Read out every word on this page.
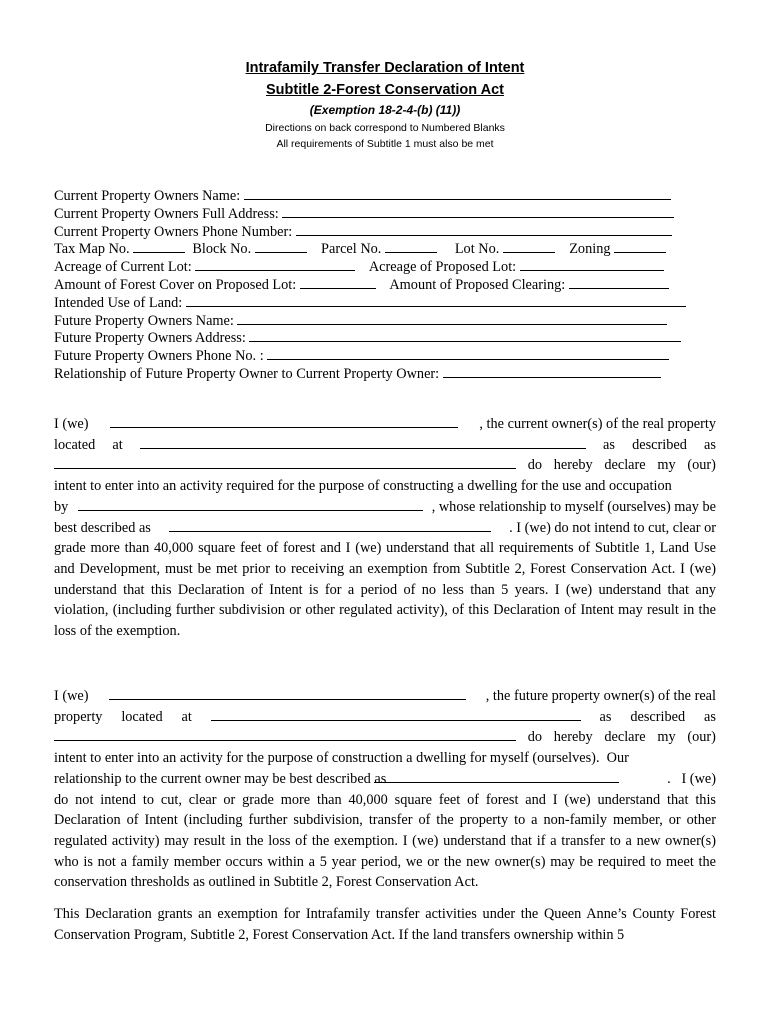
Intrafamily Transfer Declaration of Intent
Subtitle 2-Forest Conservation Act
(Exemption 18-2-4-(b) (11))
Directions on back correspond to Numbered Blanks
All requirements of Subtitle 1 must also be met
Current Property Owners Name:
Current Property Owners Full Address:
Current Property Owners Phone Number:
Tax Map No.	Block No.	Parcel No.	Lot No.	Zoning
Acreage of Current Lot:	Acreage of Proposed Lot:
Amount of Forest Cover on Proposed Lot:	Amount of Proposed Clearing:
Intended Use of Land:
Future Property Owners Name:
Future Property Owners Address:
Future Property Owners Phone No. :
Relationship of Future Property Owner to Current Property Owner:
I (we)	, the current owner(s) of the real property
located at	as described as
do hereby declare my (our)
intent to enter into an activity required for the purpose of constructing a dwelling for the use and occupation
by	, whose relationship to myself (ourselves) may be
best described as	. I (we) do not intend to cut, clear or
grade more than 40,000 square feet of forest and I (we) understand that all requirements of Subtitle 1, Land Use and Development, must be met prior to receiving an exemption from Subtitle 2, Forest Conservation Act. I (we) understand that this Declaration of Intent is for a period of no less than 5 years. I (we) understand that any violation, (including further subdivision or other regulated activity), of this Declaration of Intent may result in the loss of the exemption.
I (we)	, the future property owner(s) of the real
property located at	as described as
do hereby declare my (our)
intent to enter into an activity for the purpose of construction a dwelling for myself (ourselves).  Our
relationship to the current owner may be best described as	.   I (we)
do not intend to cut, clear or grade more than 40,000 square feet of forest and I (we) understand that this Declaration of Intent (including further subdivision, transfer of the property to a non-family member, or other regulated activity) may result in the loss of the exemption. I (we) understand that if a transfer to a new owner(s) who is not a family member occurs within a 5 year period, we or the new owner(s) may be required to meet the conservation thresholds as outlined in Subtitle 2, Forest Conservation Act.
This Declaration grants an exemption for Intrafamily transfer activities under the Queen Anne’s County Forest Conservation Program, Subtitle 2, Forest Conservation Act. If the land transfers ownership within 5
